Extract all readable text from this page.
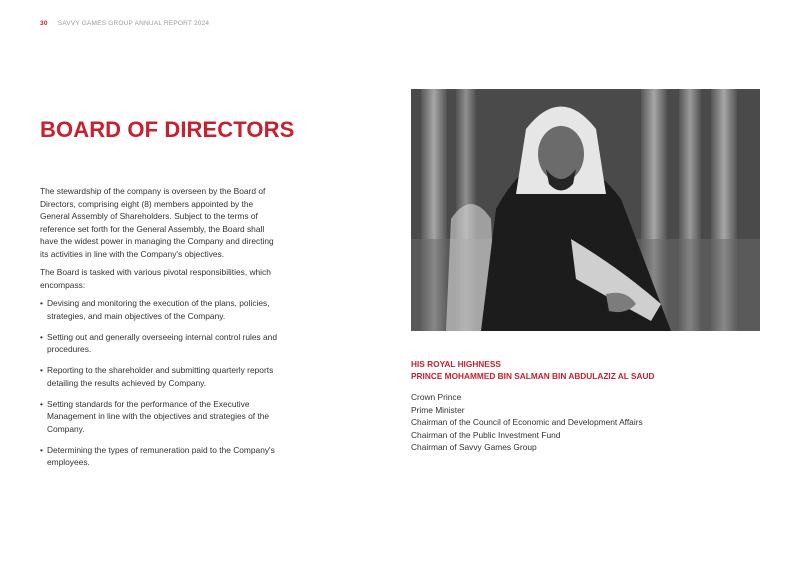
30 SAVVY GAMES GROUP ANNUAL REPORT 2024
BOARD OF DIRECTORS

The stewardship of the company is overseen by the Board of Directors, comprising eight (8) members appointed by the General Assembly of Shareholders. Subject to the terms of reference set forth for the General Assembly, the Board shall have the widest power in managing the Company and directing its activities in line with the Company's objectives.

The Board is tasked with various pivotal responsibilities, which encompass:

• Devising and monitoring the execution of the plans, policies, strategies, and main objectives of the Company.
• Setting out and generally overseeing internal control rules and procedures.
• Reporting to the shareholder and submitting quarterly reports detailing the results achieved by Company.
• Setting standards for the performance of the Executive Management in line with the objectives and strategies of the Company.
• Determining the types of remuneration paid to the Company's employees.
HIS ROYAL HIGHNESS
PRINCE MOHAMMED BIN SALMAN BIN ABDULAZIZ AL SAUD
Crown Prince
Prime Minister
Chairman of the Council of Economic and Development Affairs
Chairman of the Public Investment Fund
Chairman of Savvy Games Group
